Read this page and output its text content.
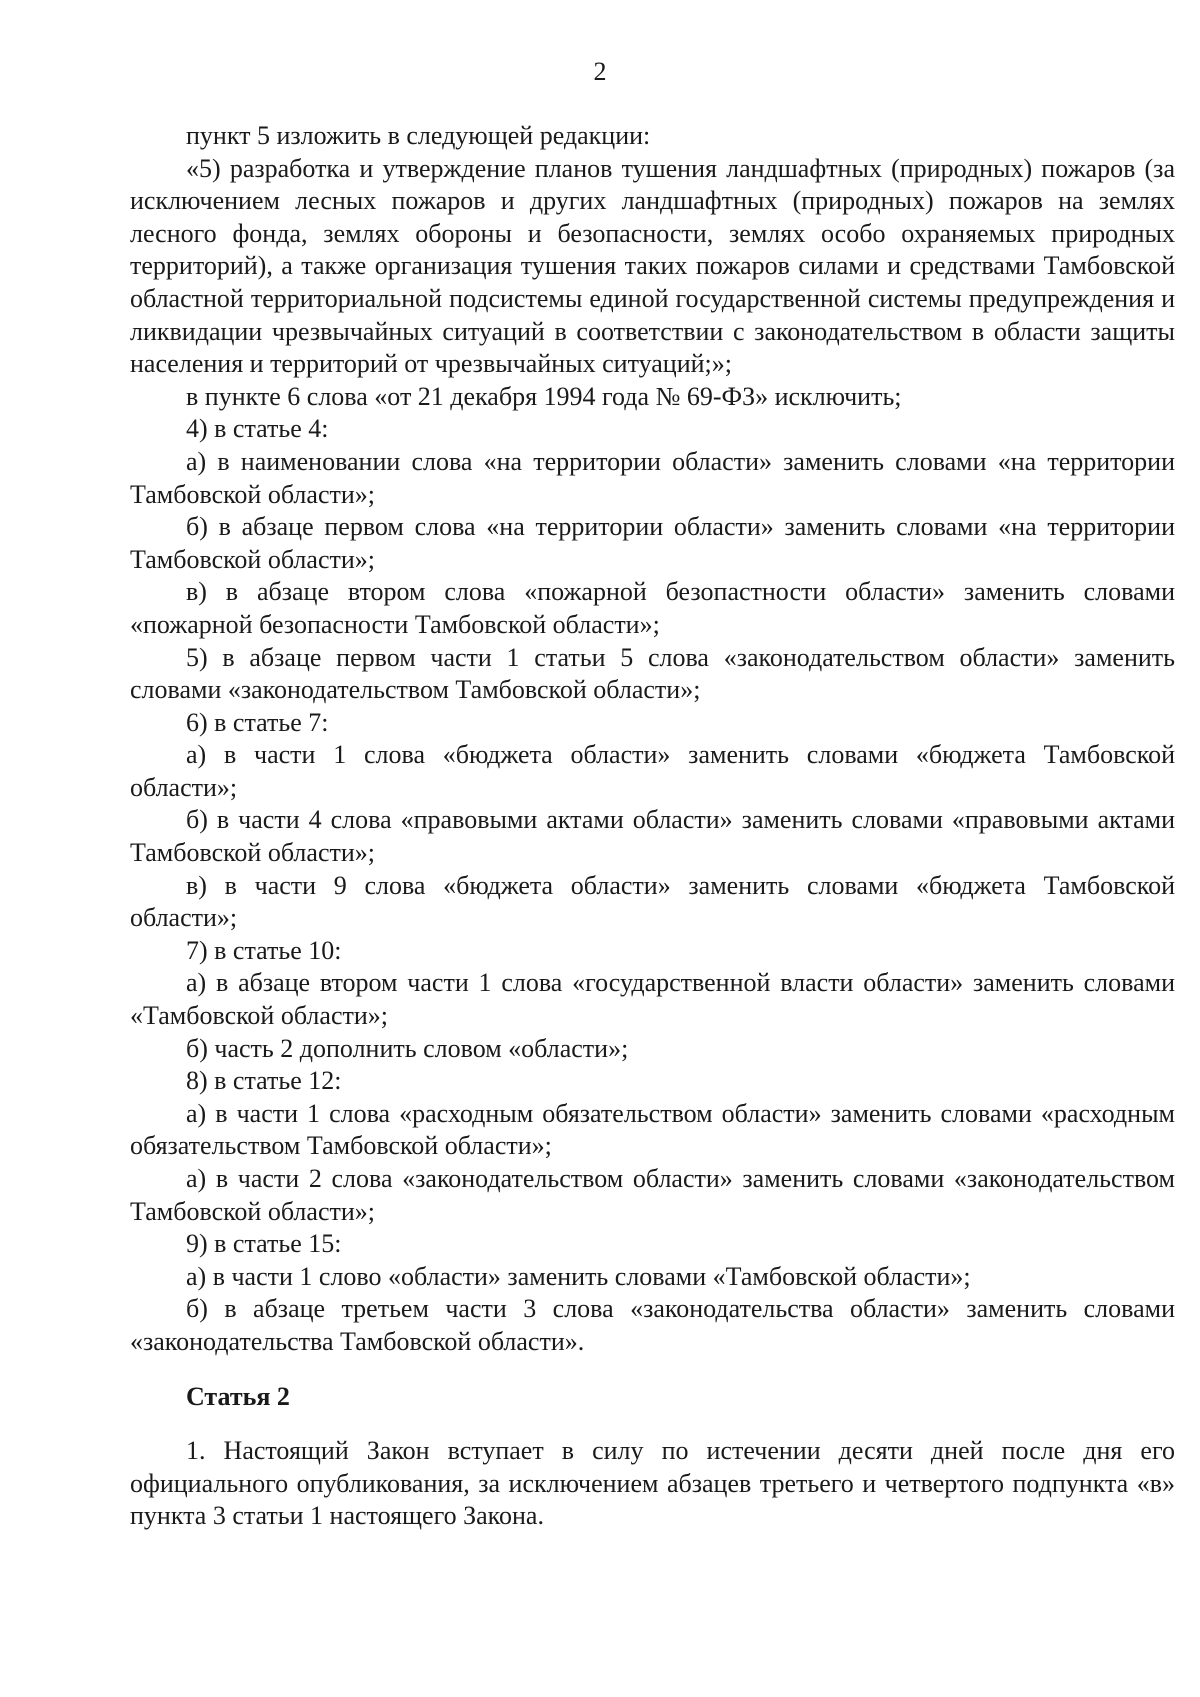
2

пункт 5 изложить в следующей редакции:

«5) разработка и утверждение планов тушения ландшафтных (природных) пожаров (за исключением лесных пожаров и других ландшафтных (природных) пожаров на землях лесного фонда, землях обороны и безопасности, землях особо охраняемых природных территорий), а также организация тушения таких пожаров силами и средствами Тамбовской областной территориальной подсистемы единой государственной системы предупреждения и ликвидации чрезвычайных ситуаций в соответствии с законодательством в области защиты населения и территорий от чрезвычайных ситуаций;»;

в пункте 6 слова «от 21 декабря 1994 года № 69-ФЗ» исключить;

4) в статье 4:

а) в наименовании слова «на территории области» заменить словами «на территории Тамбовской области»;

б) в абзаце первом слова «на территории области» заменить словами «на территории Тамбовской области»;

в) в абзаце втором слова «пожарной безопастности области» заменить словами «пожарной безопасности Тамбовской области»;

5) в абзаце первом части 1 статьи 5 слова «законодательством области» заменить словами «законодательством Тамбовской области»;

6) в статье 7:

а) в части 1 слова «бюджета области» заменить словами «бюджета Тамбовской области»;

б) в части 4 слова «правовыми актами области» заменить словами «правовыми актами Тамбовской области»;

в) в части 9 слова «бюджета области» заменить словами «бюджета Тамбовской области»;

7) в статье 10:

а) в абзаце втором части 1 слова «государственной власти области» заменить словами «Тамбовской области»;

б) часть 2 дополнить словом «области»;

8) в статье 12:

а) в части 1 слова «расходным обязательством области» заменить словами «расходным обязательством Тамбовской области»;

а) в части 2 слова «законодательством области» заменить словами «законодательством Тамбовской области»;

9) в статье 15:

а) в части 1 слово «области» заменить словами «Тамбовской области»;

б) в абзаце третьем части 3 слова «законодательства области» заменить словами «законодательства Тамбовской области».

Статья 2

1. Настоящий Закон вступает в силу по истечении десяти дней после дня его официального опубликования, за исключением абзацев третьего и четвертого подпункта «в» пункта 3 статьи 1 настоящего Закона.
